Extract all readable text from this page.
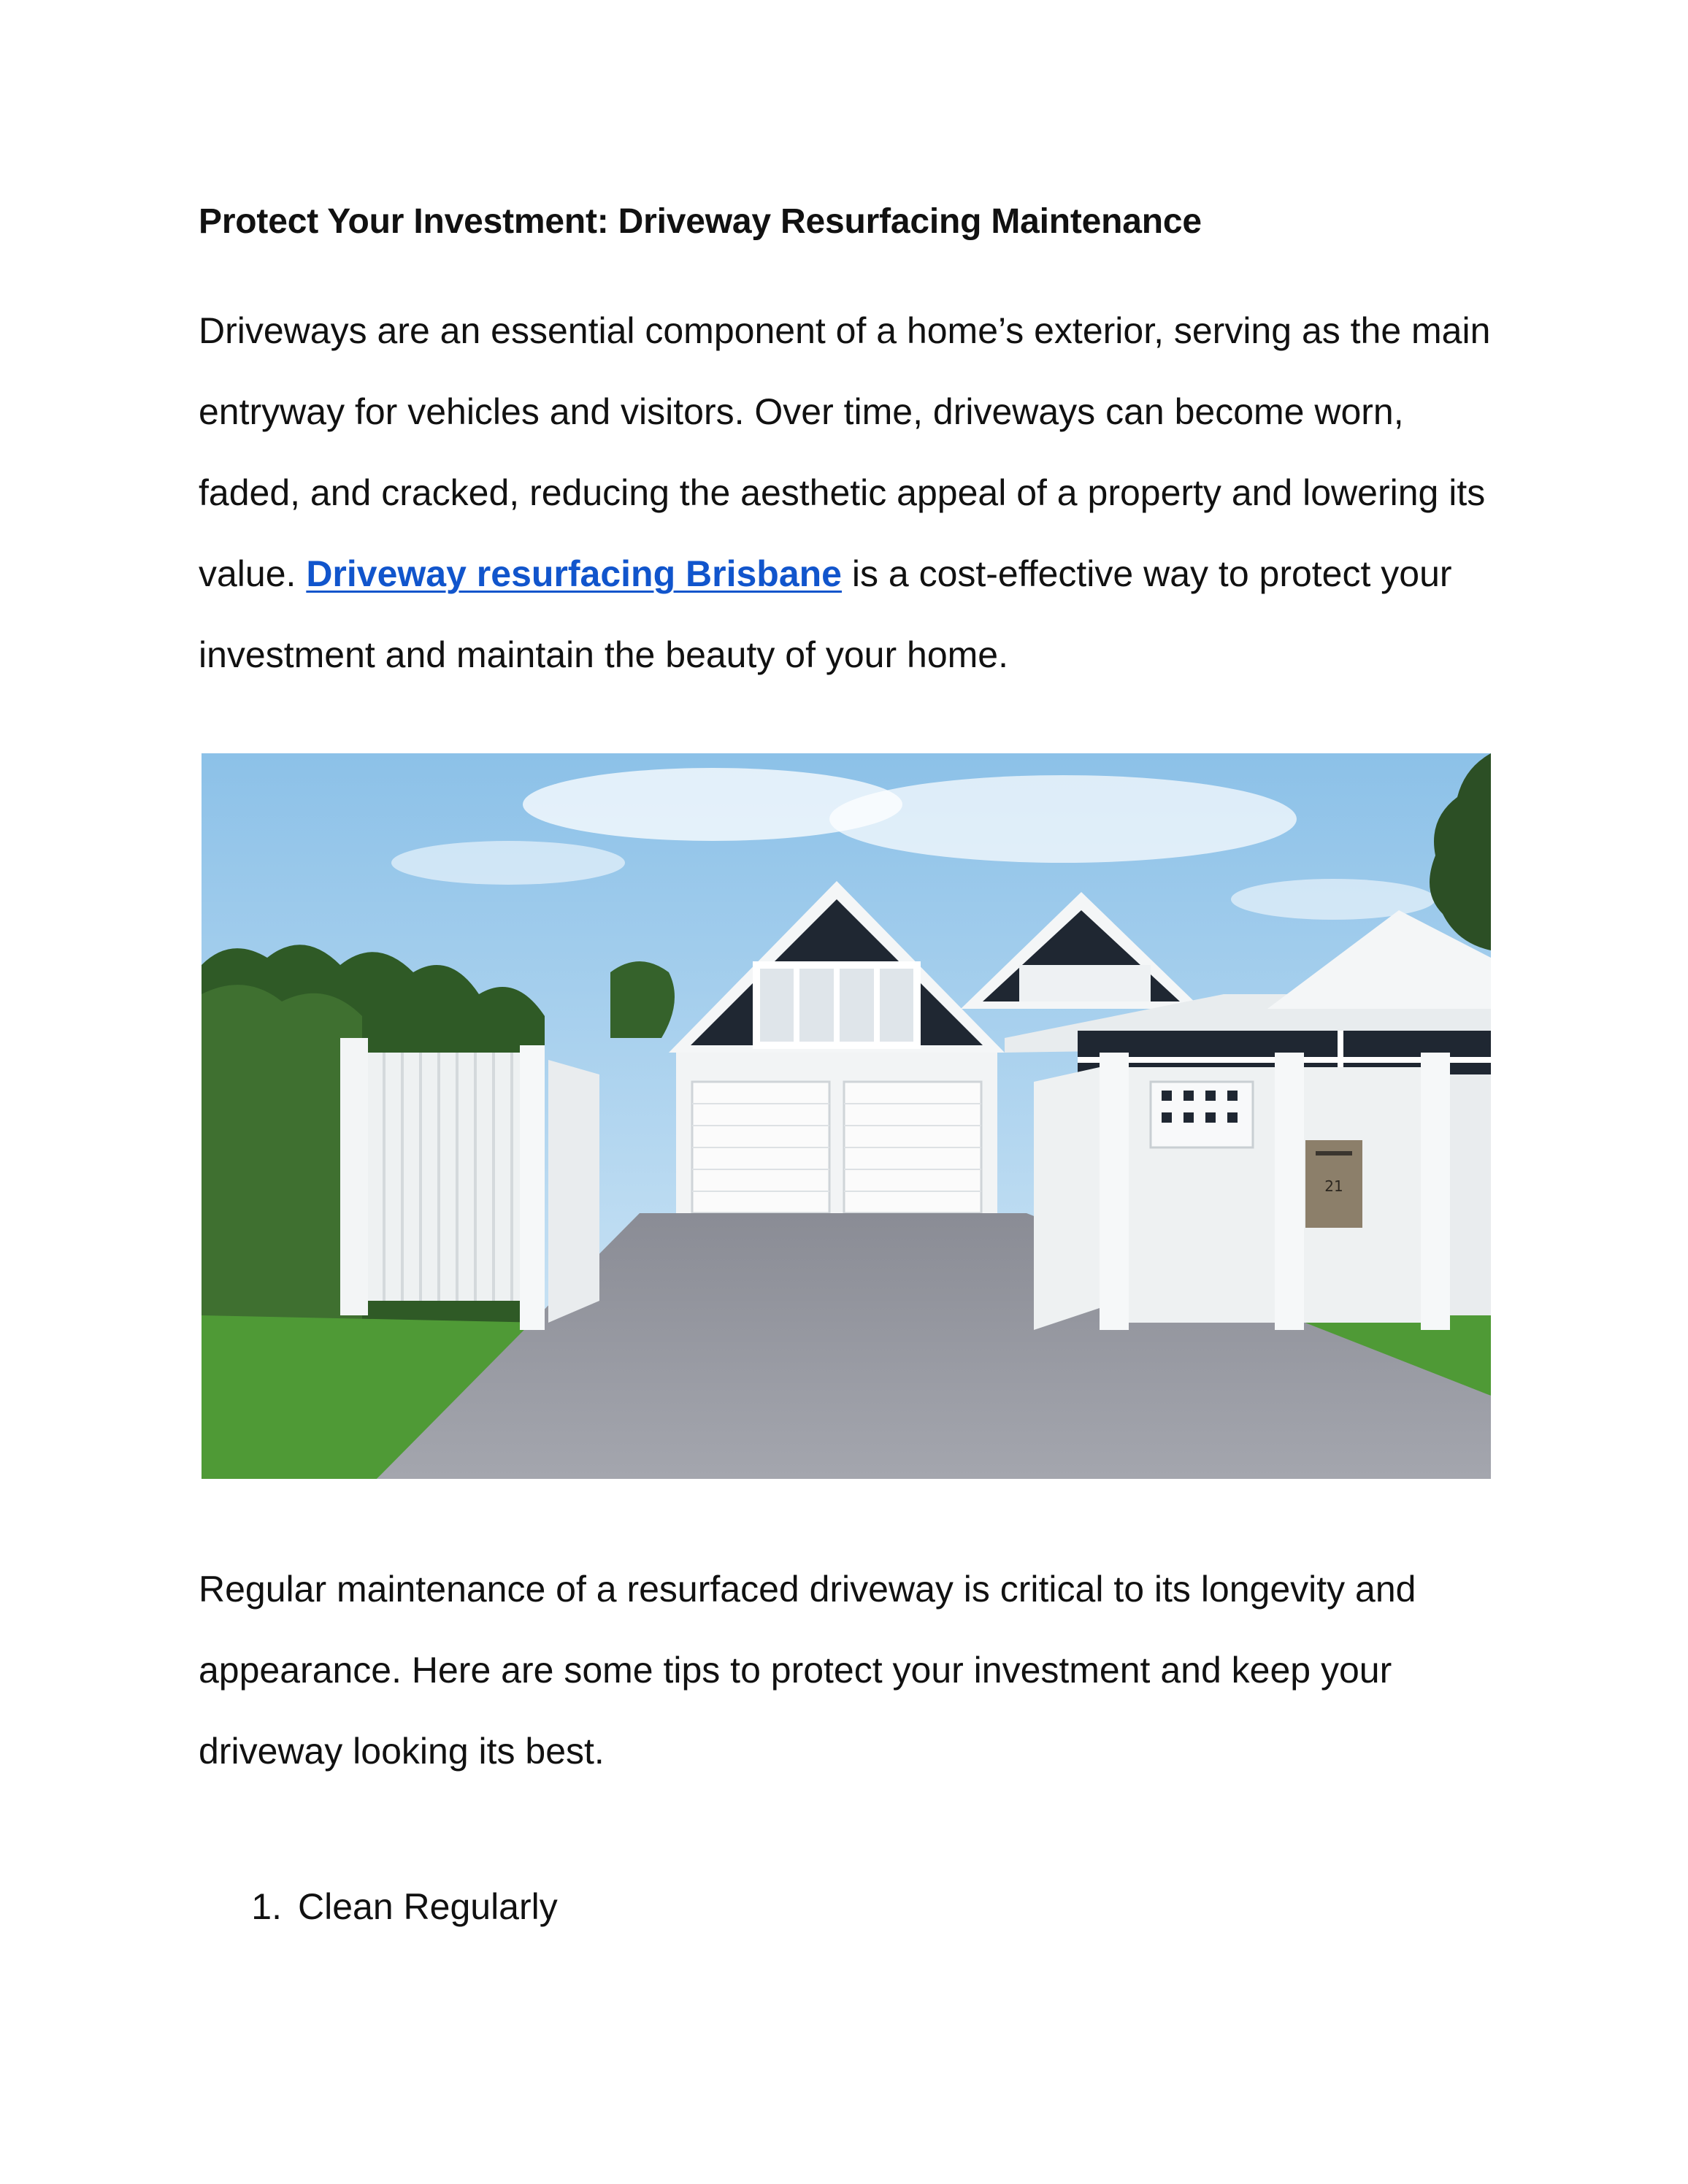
Protect Your Investment: Driveway Resurfacing Maintenance

Driveways are an essential component of a home’s exterior, serving as the main entryway for vehicles and visitors. Over time, driveways can become worn, faded, and cracked, reducing the aesthetic appeal of a property and lowering its value. Driveway resurfacing Brisbane is a cost-effective way to protect your investment and maintain the beauty of your home.

21

Regular maintenance of a resurfaced driveway is critical to its longevity and appearance. Here are some tips to protect your investment and keep your driveway looking its best.

1. Clean Regularly
